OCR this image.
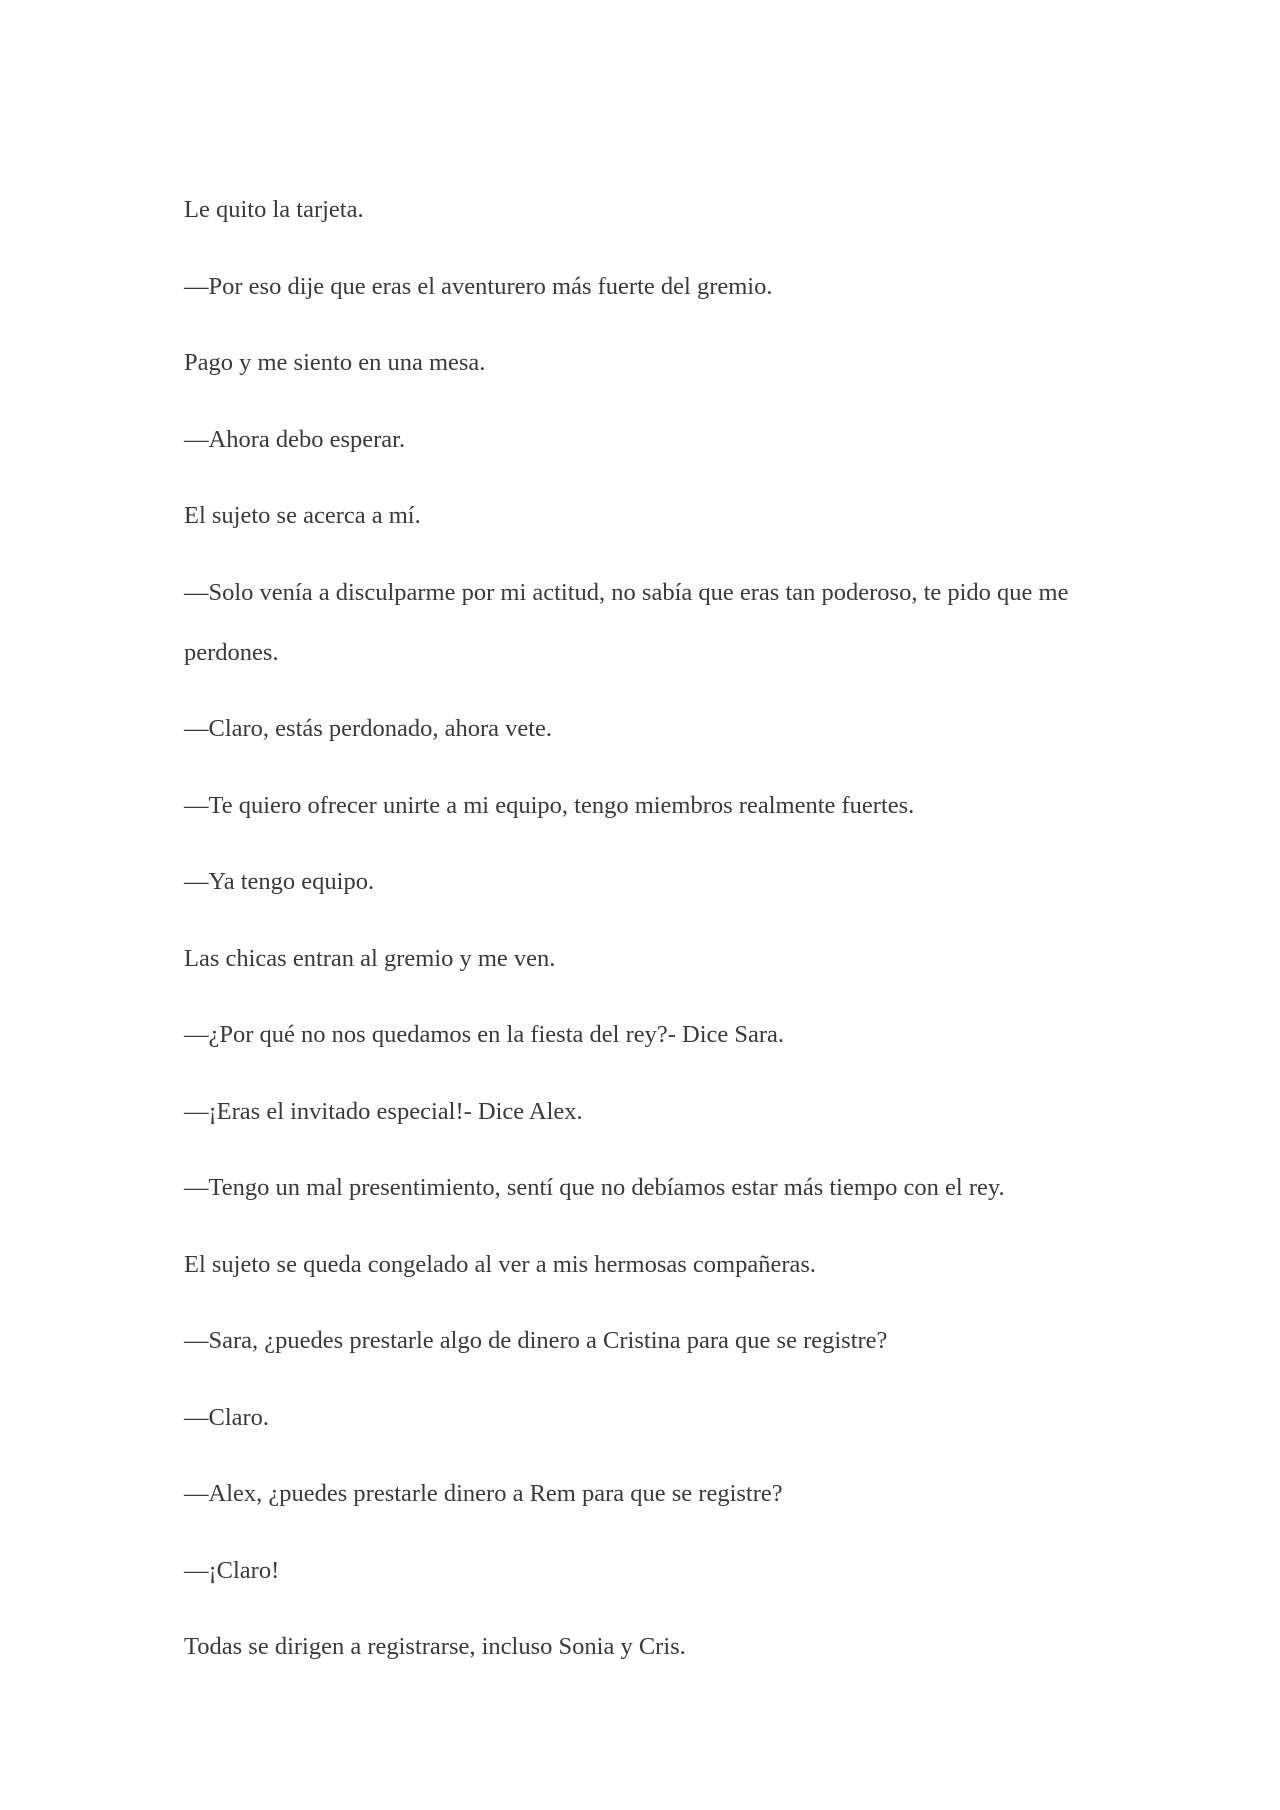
Le quito la tarjeta.

—Por eso dije que eras el aventurero más fuerte del gremio.

Pago y me siento en una mesa.

—Ahora debo esperar.

El sujeto se acerca a mí.

—Solo venía a disculparme por mi actitud, no sabía que eras tan poderoso, te pido que me perdones.

—Claro, estás perdonado, ahora vete.

—Te quiero ofrecer unirte a mi equipo, tengo miembros realmente fuertes.

—Ya tengo equipo.

Las chicas entran al gremio y me ven.

—¿Por qué no nos quedamos en la fiesta del rey?- Dice Sara.

—¡Eras el invitado especial!- Dice Alex.

—Tengo un mal presentimiento, sentí que no debíamos estar más tiempo con el rey.

El sujeto se queda congelado al ver a mis hermosas compañeras.

—Sara, ¿puedes prestarle algo de dinero a Cristina para que se registre?

—Claro.

—Alex, ¿puedes prestarle dinero a Rem para que se registre?

—¡Claro!

Todas se dirigen a registrarse, incluso Sonia y Cris.
